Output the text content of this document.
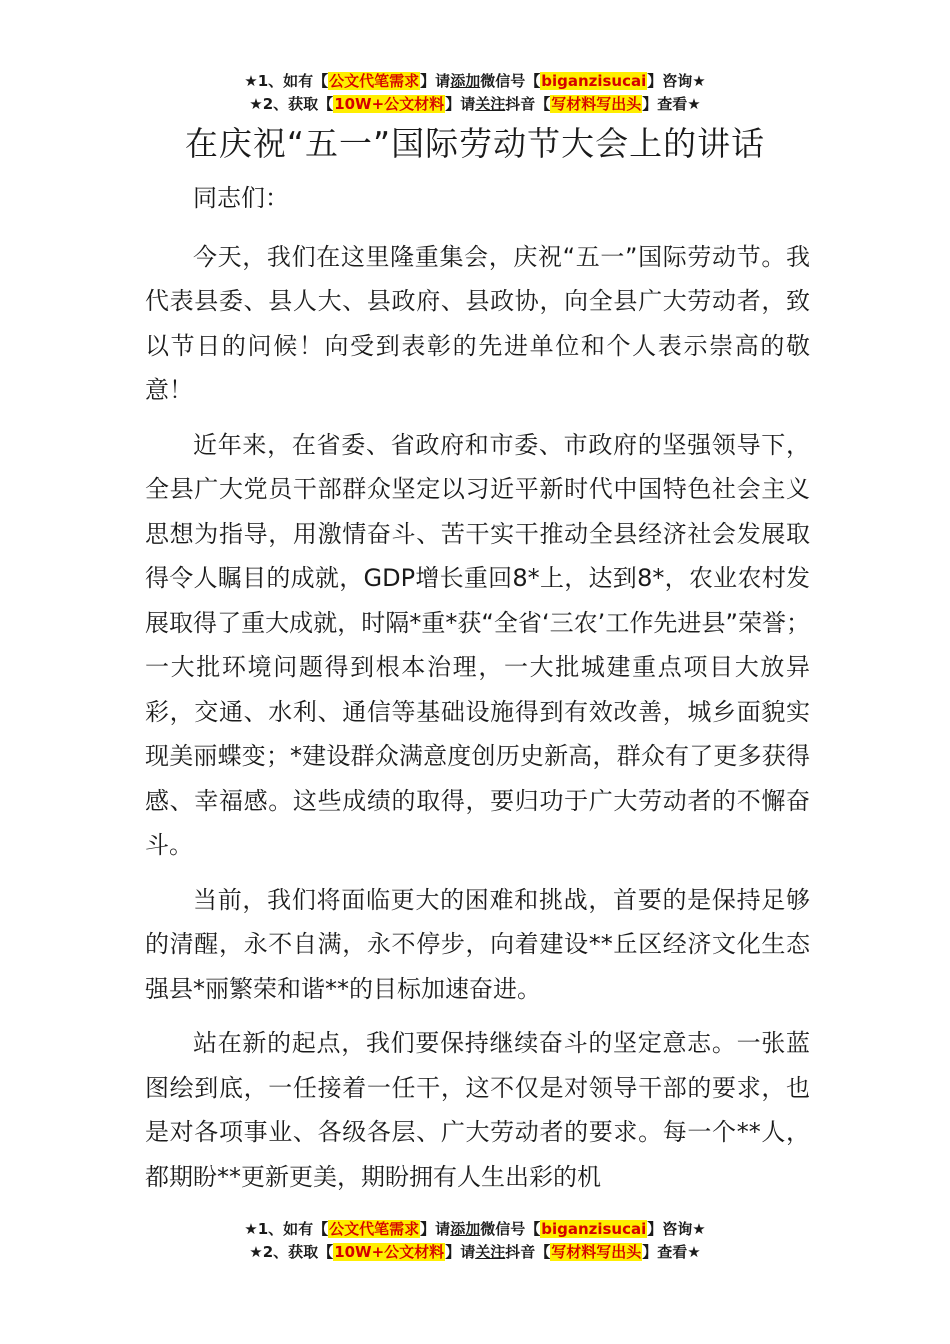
★1、如有【公文代笔需求】请添加微信号【biganzisucai】咨询★
★2、获取【10W+公文材料】请关注抖音【写材料写出头】查看★
在庆祝“五一”国际劳动节大会上的讲话

同志们：

今天，我们在这里隆重集会，庆祝“五一”国际劳动节。我代表县委、县人大、县政府、县政协，向全县广大劳动者，致以节日的问候！向受到表彰的先进单位和个人表示崇高的敬意！

近年来，在省委、省政府和市委、市政府的坚强领导下，全县广大党员干部群众坚定以习近平新时代中国特色社会主义思想为指导，用激情奋斗、苦干实干推动全县经济社会发展取得令人瞩目的成就，GDP增长重回8*上，达到8*，农业农村发展取得了重大成就，时隔*重*获“全省‘三农’工作先进县”荣誉；一大批环境问题得到根本治理，一大批城建重点项目大放异彩，交通、水利、通信等基础设施得到有效改善，城乡面貌实现美丽蝶变；*建设群众满意度创历史新高，群众有了更多获得感、幸福感。这些成绩的取得，要归功于广大劳动者的不懈奋斗。

当前，我们将面临更大的困难和挑战，首要的是保持足够的清醒，永不自满，永不停步，向着建设**丘区经济文化生态强县*丽繁荣和谐**的目标加速奋进。

站在新的起点，我们要保持继续奋斗的坚定意志。一张蓝图绘到底，一任接着一任干，这不仅是对领导干部的要求，也是对各项事业、各级各层、广大劳动者的要求。每一个**人，都期盼**更新更美，期盼拥有人生出彩的机

★1、如有【公文代笔需求】请添加微信号【biganzisucai】咨询★
★2、获取【10W+公文材料】请关注抖音【写材料写出头】查看★
